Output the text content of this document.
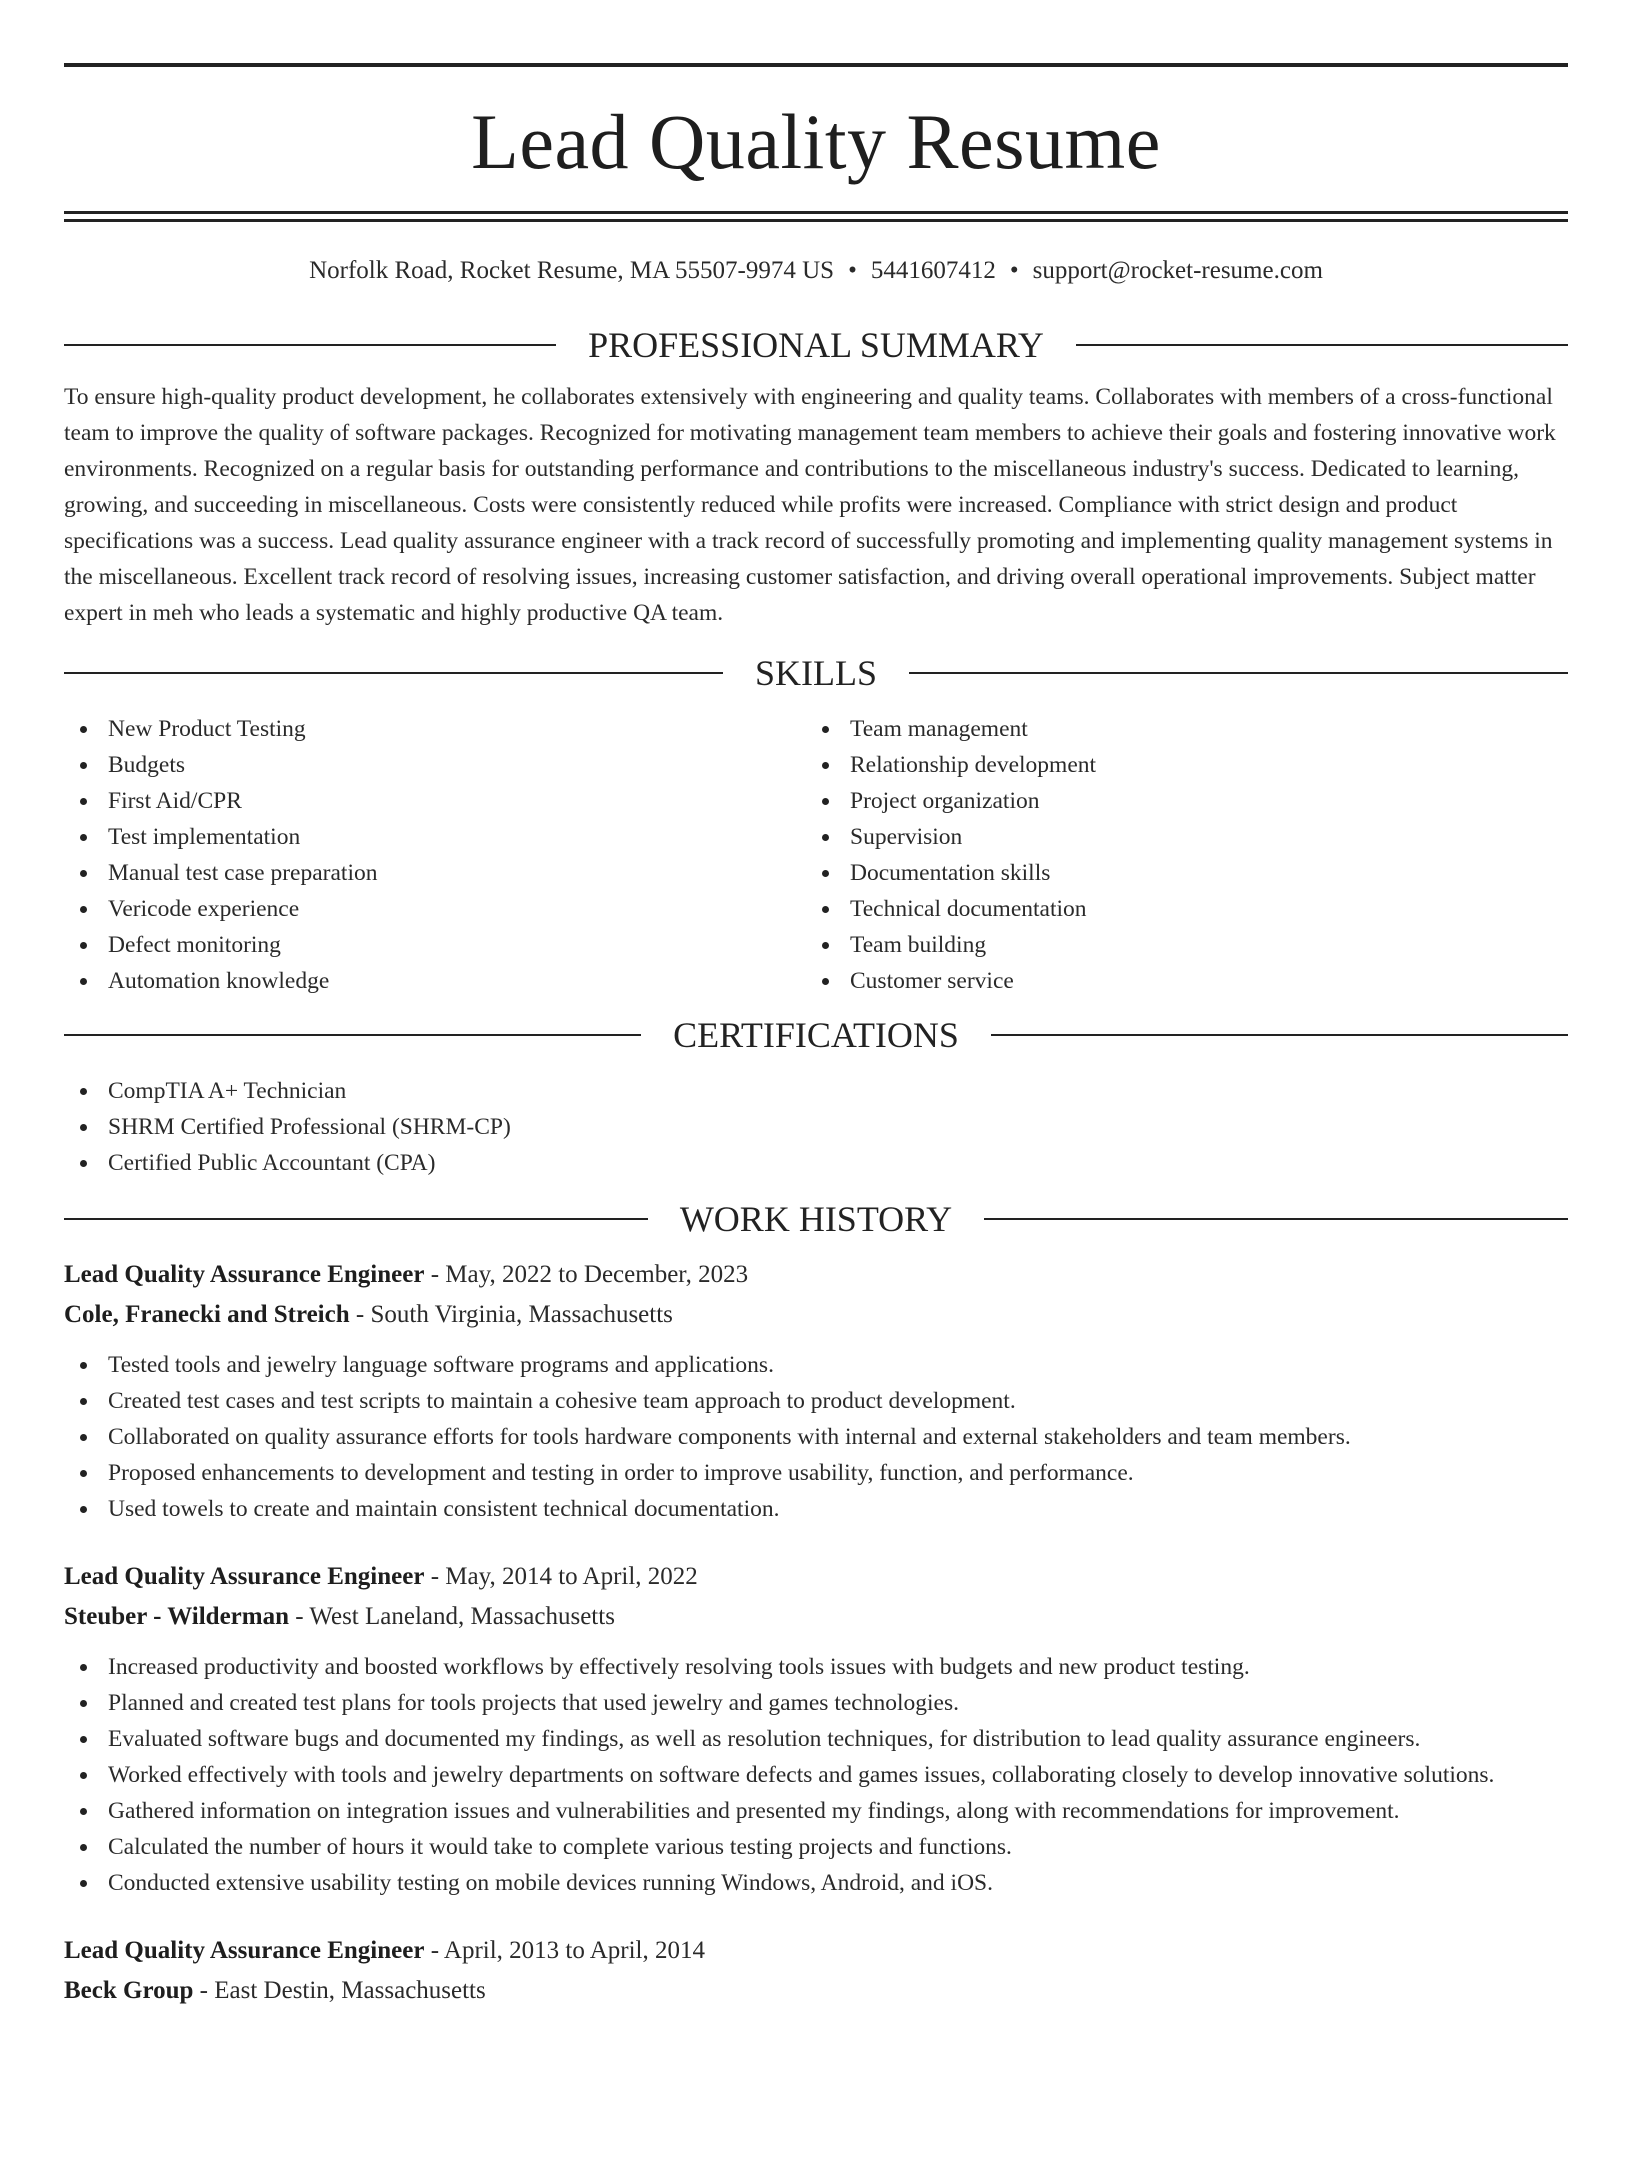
Lead Quality Resume
Norfolk Road, Rocket Resume, MA 55507-9974 US • 5441607412 • support@rocket-resume.com
PROFESSIONAL SUMMARY

To ensure high-quality product development, he collaborates extensively with engineering and quality teams. Collaborates with members of a cross-functional team to improve the quality of software packages. Recognized for motivating management team members to achieve their goals and fostering innovative work environments. Recognized on a regular basis for outstanding performance and contributions to the miscellaneous industry's success. Dedicated to learning, growing, and succeeding in miscellaneous. Costs were consistently reduced while profits were increased. Compliance with strict design and product specifications was a success. Lead quality assurance engineer with a track record of successfully promoting and implementing quality management systems in the miscellaneous. Excellent track record of resolving issues, increasing customer satisfaction, and driving overall operational improvements. Subject matter expert in meh who leads a systematic and highly productive QA team.

SKILLS
New Product Testing
Budgets
First Aid/CPR
Test implementation
Manual test case preparation
Vericode experience
Defect monitoring
Automation knowledge
Team management
Relationship development
Project organization
Supervision
Documentation skills
Technical documentation
Team building
Customer service
CERTIFICATIONS
CompTIA A+ Technician
SHRM Certified Professional (SHRM-CP)
Certified Public Accountant (CPA)
WORK HISTORY
Lead Quality Assurance Engineer - May, 2022 to December, 2023
Cole, Franecki and Streich - South Virginia, Massachusetts
Tested tools and jewelry language software programs and applications.
Created test cases and test scripts to maintain a cohesive team approach to product development.
Collaborated on quality assurance efforts for tools hardware components with internal and external stakeholders and team members.
Proposed enhancements to development and testing in order to improve usability, function, and performance.
Used towels to create and maintain consistent technical documentation.
Lead Quality Assurance Engineer - May, 2014 to April, 2022
Steuber - Wilderman - West Laneland, Massachusetts
Increased productivity and boosted workflows by effectively resolving tools issues with budgets and new product testing.
Planned and created test plans for tools projects that used jewelry and games technologies.
Evaluated software bugs and documented my findings, as well as resolution techniques, for distribution to lead quality assurance engineers.
Worked effectively with tools and jewelry departments on software defects and games issues, collaborating closely to develop innovative solutions.
Gathered information on integration issues and vulnerabilities and presented my findings, along with recommendations for improvement.
Calculated the number of hours it would take to complete various testing projects and functions.
Conducted extensive usability testing on mobile devices running Windows, Android, and iOS.
Lead Quality Assurance Engineer - April, 2013 to April, 2014
Beck Group - East Destin, Massachusetts
